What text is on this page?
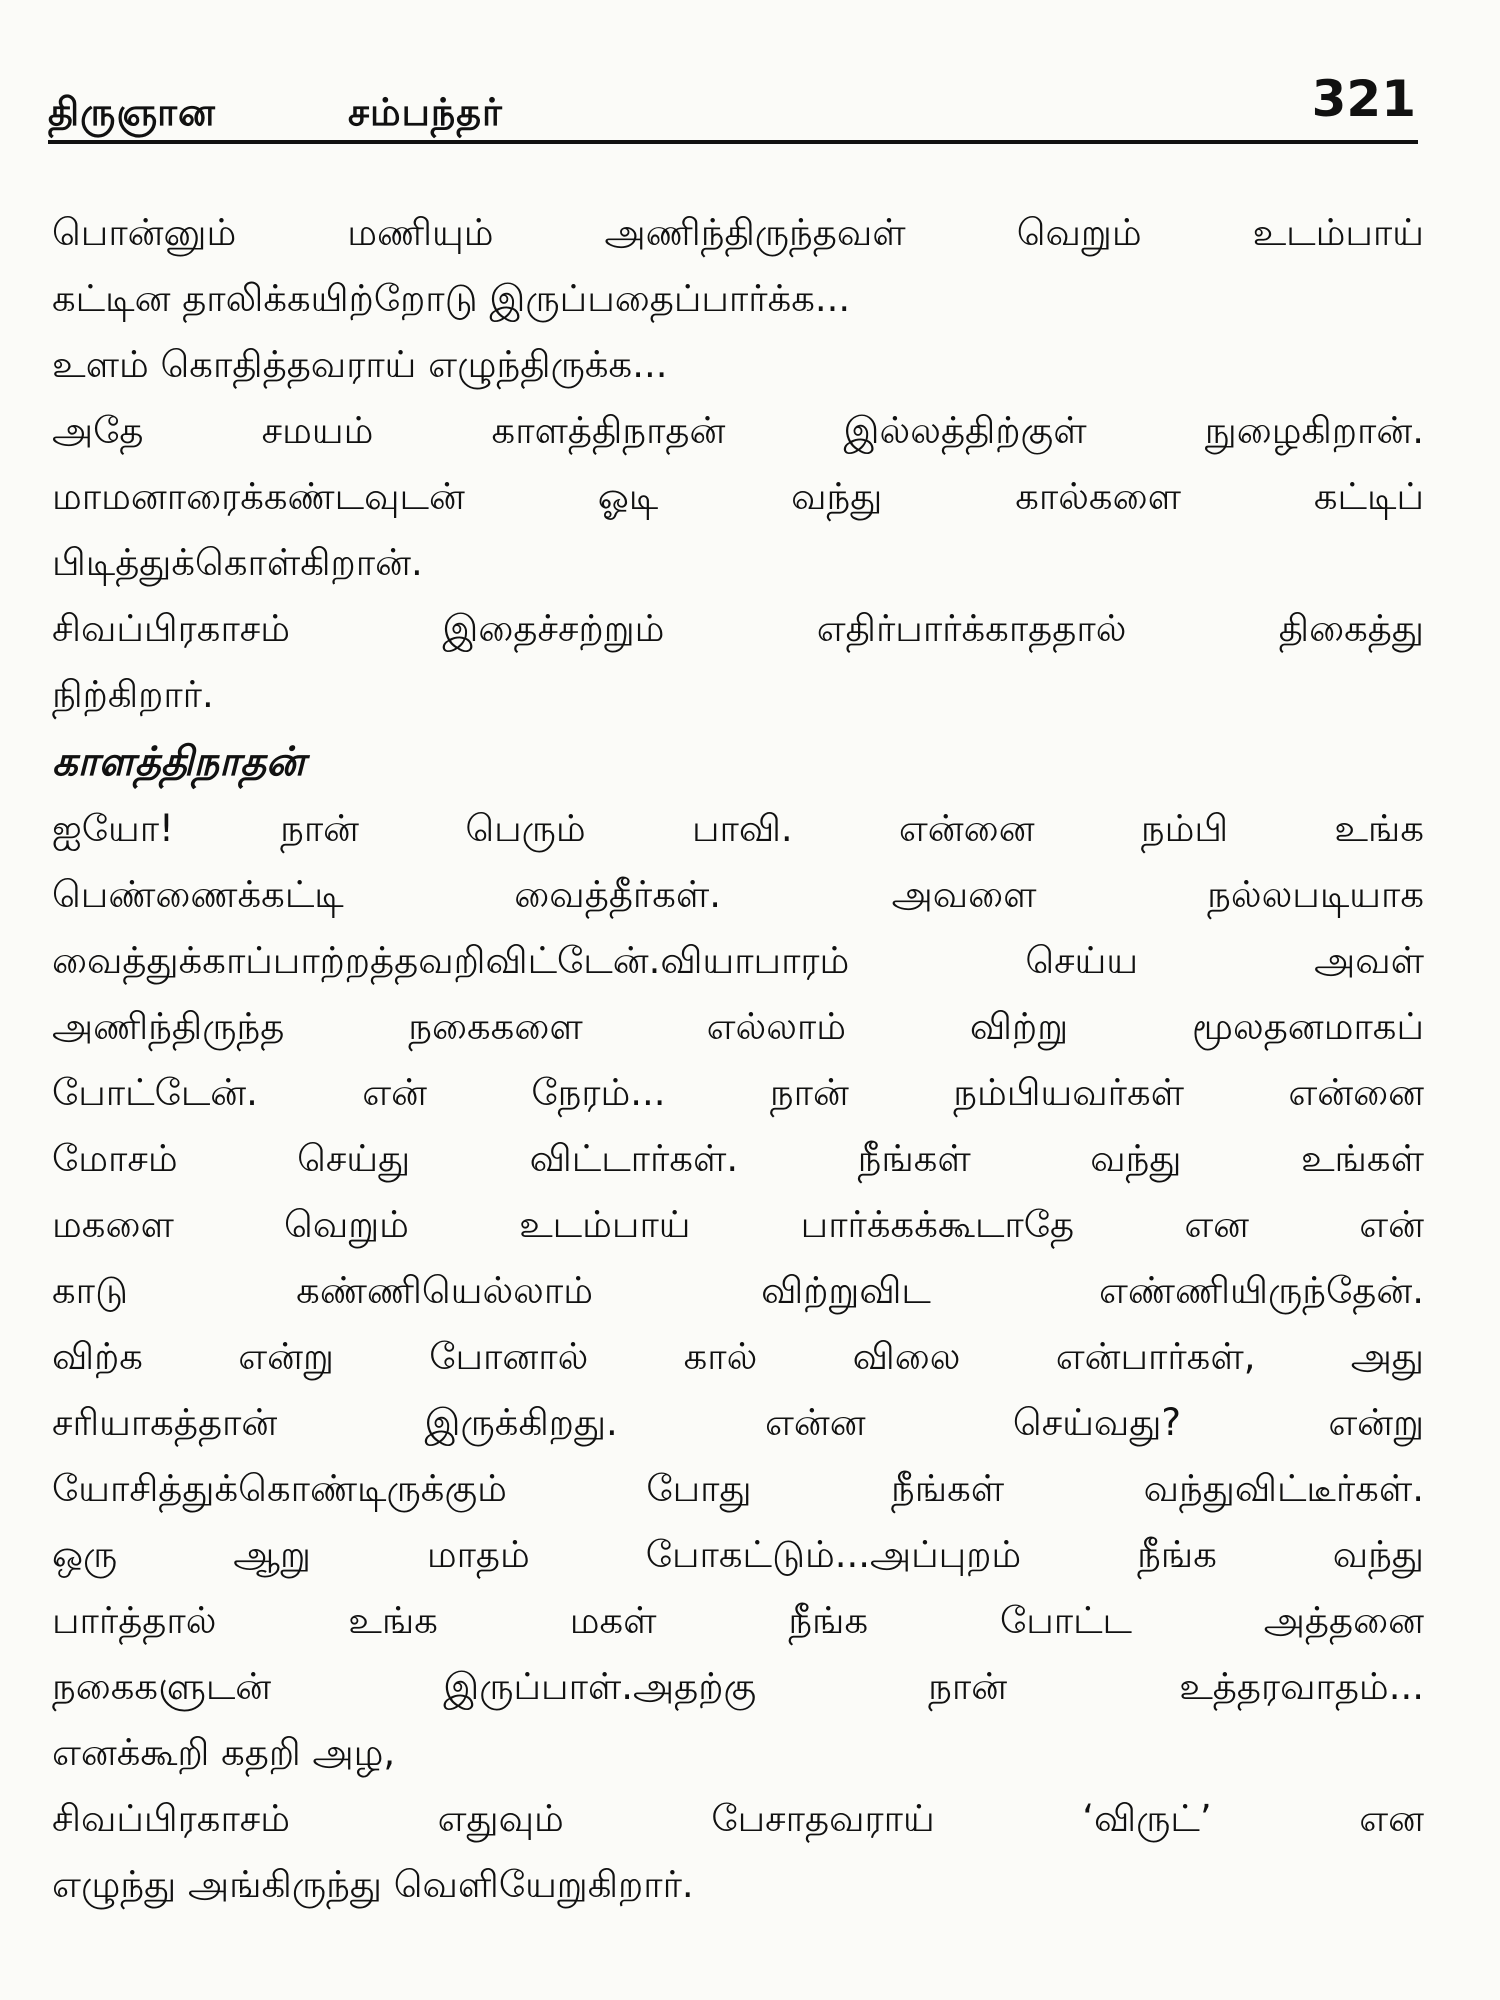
திருஞான	சம்பந்தர்	321
பொன்னும் மணியும் அணிந்திருந்தவள் வெறும் உடம்பாய்
கட்டின தாலிக்கயிற்றோடு இருப்பதைப்பார்க்க...
உளம் கொதித்தவராய் எழுந்திருக்க...
அதே சமயம் காளத்திநாதன் இல்லத்திற்குள் நுழைகிறான்.
மாமனாரைக்கண்டவுடன் ஓடி வந்து கால்களை கட்டிப்
பிடித்துக்கொள்கிறான்.
சிவப்பிரகாசம் இதைச்சற்றும் எதிர்பார்க்காததால் திகைத்து
நிற்கிறார்.
காளத்திநாதன்
ஐயோ! நான் பெரும் பாவி. என்னை நம்பி உங்க
பெண்ணைக்கட்டி வைத்தீர்கள். அவளை நல்லபடியாக
வைத்துக்காப்பாற்றத்தவறிவிட்டேன்.வியாபாரம் செய்ய அவள்
அணிந்திருந்த நகைகளை எல்லாம் விற்று மூலதனமாகப்
போட்டேன். என் நேரம்... நான் நம்பியவர்கள் என்னை
மோசம் செய்து விட்டார்கள். நீங்கள் வந்து உங்கள்
மகளை வெறும் உடம்பாய் பார்க்கக்கூடாதே என என்
காடு கண்ணியெல்லாம் விற்றுவிட எண்ணியிருந்தேன்.
விற்க என்று போனால் கால் விலை என்பார்கள், அது
சரியாகத்தான் இருக்கிறது. என்ன செய்வது? என்று
யோசித்துக்கொண்டிருக்கும் போது நீங்கள் வந்துவிட்டீர்கள்.
ஒரு ஆறு மாதம் போகட்டும்...அப்புறம் நீங்க வந்து
பார்த்தால் உங்க மகள் நீங்க போட்ட அத்தனை
நகைகளுடன் இருப்பாள்.அதற்கு நான் உத்தரவாதம்...
எனக்கூறி கதறி அழ,
சிவப்பிரகாசம் எதுவும் பேசாதவராய் ‘விருட்’ என
எழுந்து அங்கிருந்து வெளியேறுகிறார்.
